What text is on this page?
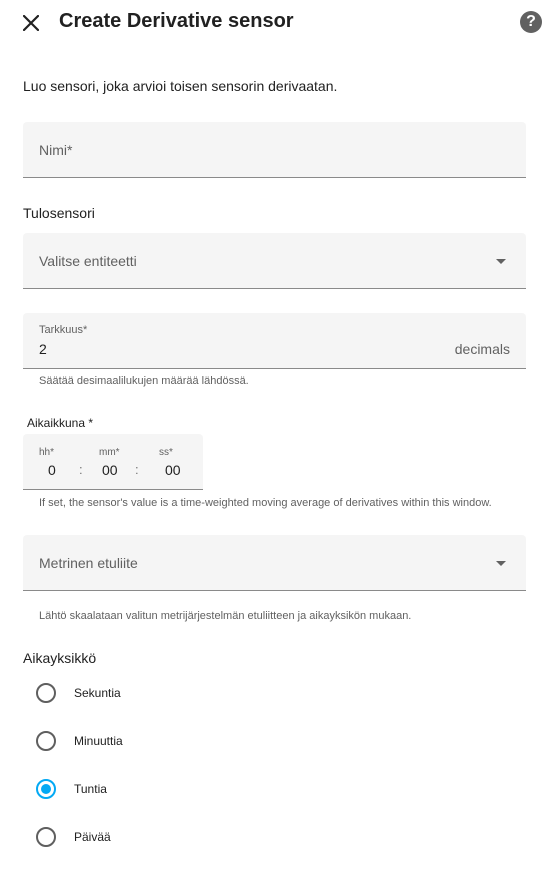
Create Derivative sensor	?
Luo sensori, joka arvioi toisen sensorin derivaatan.
Nimi*
Tulosensori
Valitse entiteetti
Tarkkuus*
2	decimals
Säätää desimaalilukujen määrää lähdössä.
Aikaikkuna *
hh*	mm*	ss*
0 : 00 : 00
If set, the sensor's value is a time-weighted moving average of derivatives within this window.
Metrinen etuliite
Lähtö skaalataan valitun metrijärjestelmän etuliitteen ja aikayksikön mukaan.
Aikayksikkö
Sekuntia
Minuuttia
Tuntia
Päivää
